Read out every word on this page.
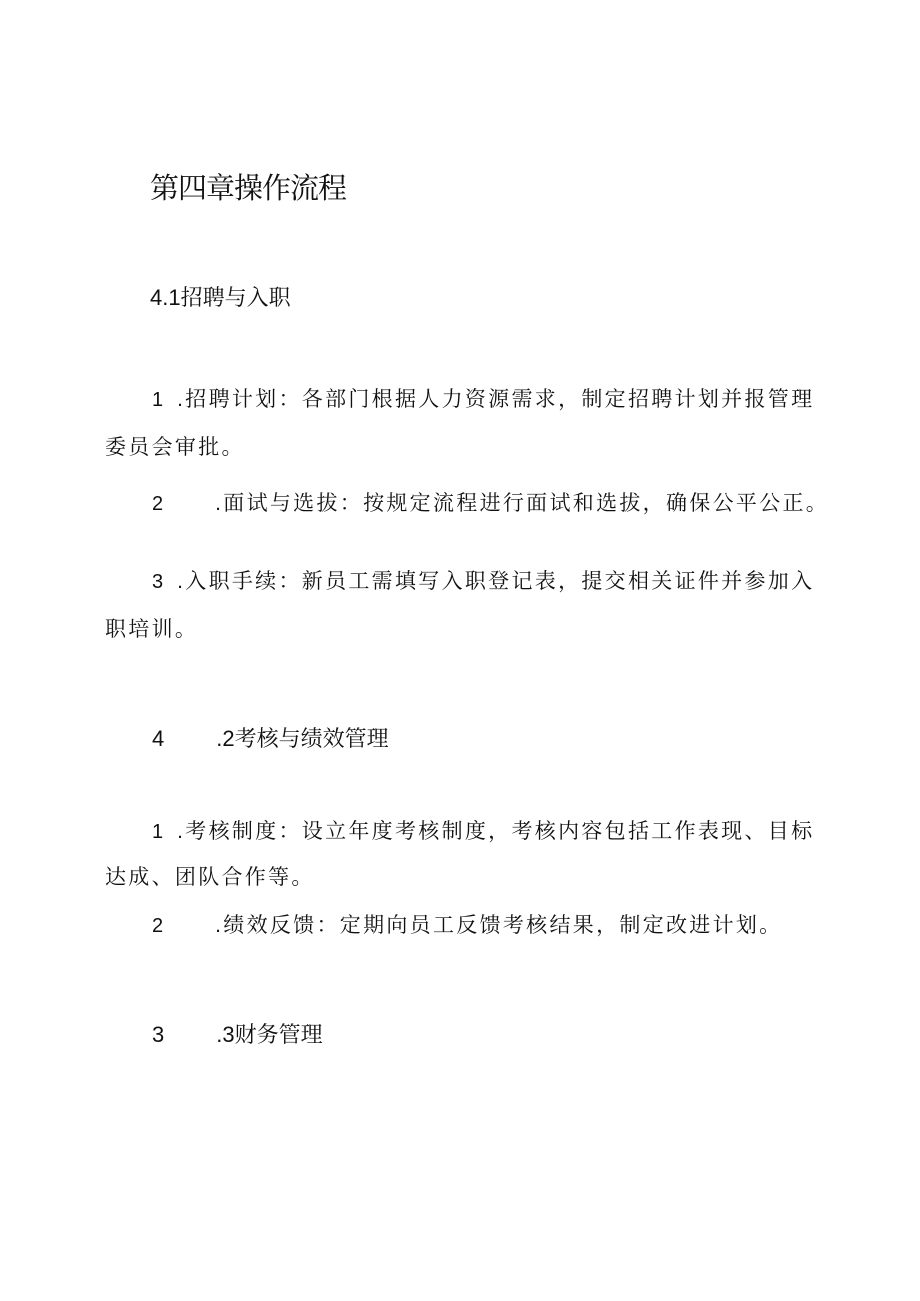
第四章操作流程
4.1招聘与入职
1 .招聘计划：各部门根据人力资源需求，制定招聘计划并报管理
委员会审批。
2 .面试与选拔：按规定流程进行面试和选拔，确保公平公正。
3 .入职手续：新员工需填写入职登记表，提交相关证件并参加入
职培训。
4 .2考核与绩效管理
1 .考核制度：设立年度考核制度，考核内容包括工作表现、目标
达成、团队合作等。
2 .绩效反馈：定期向员工反馈考核结果，制定改进计划。
3 .3财务管理
